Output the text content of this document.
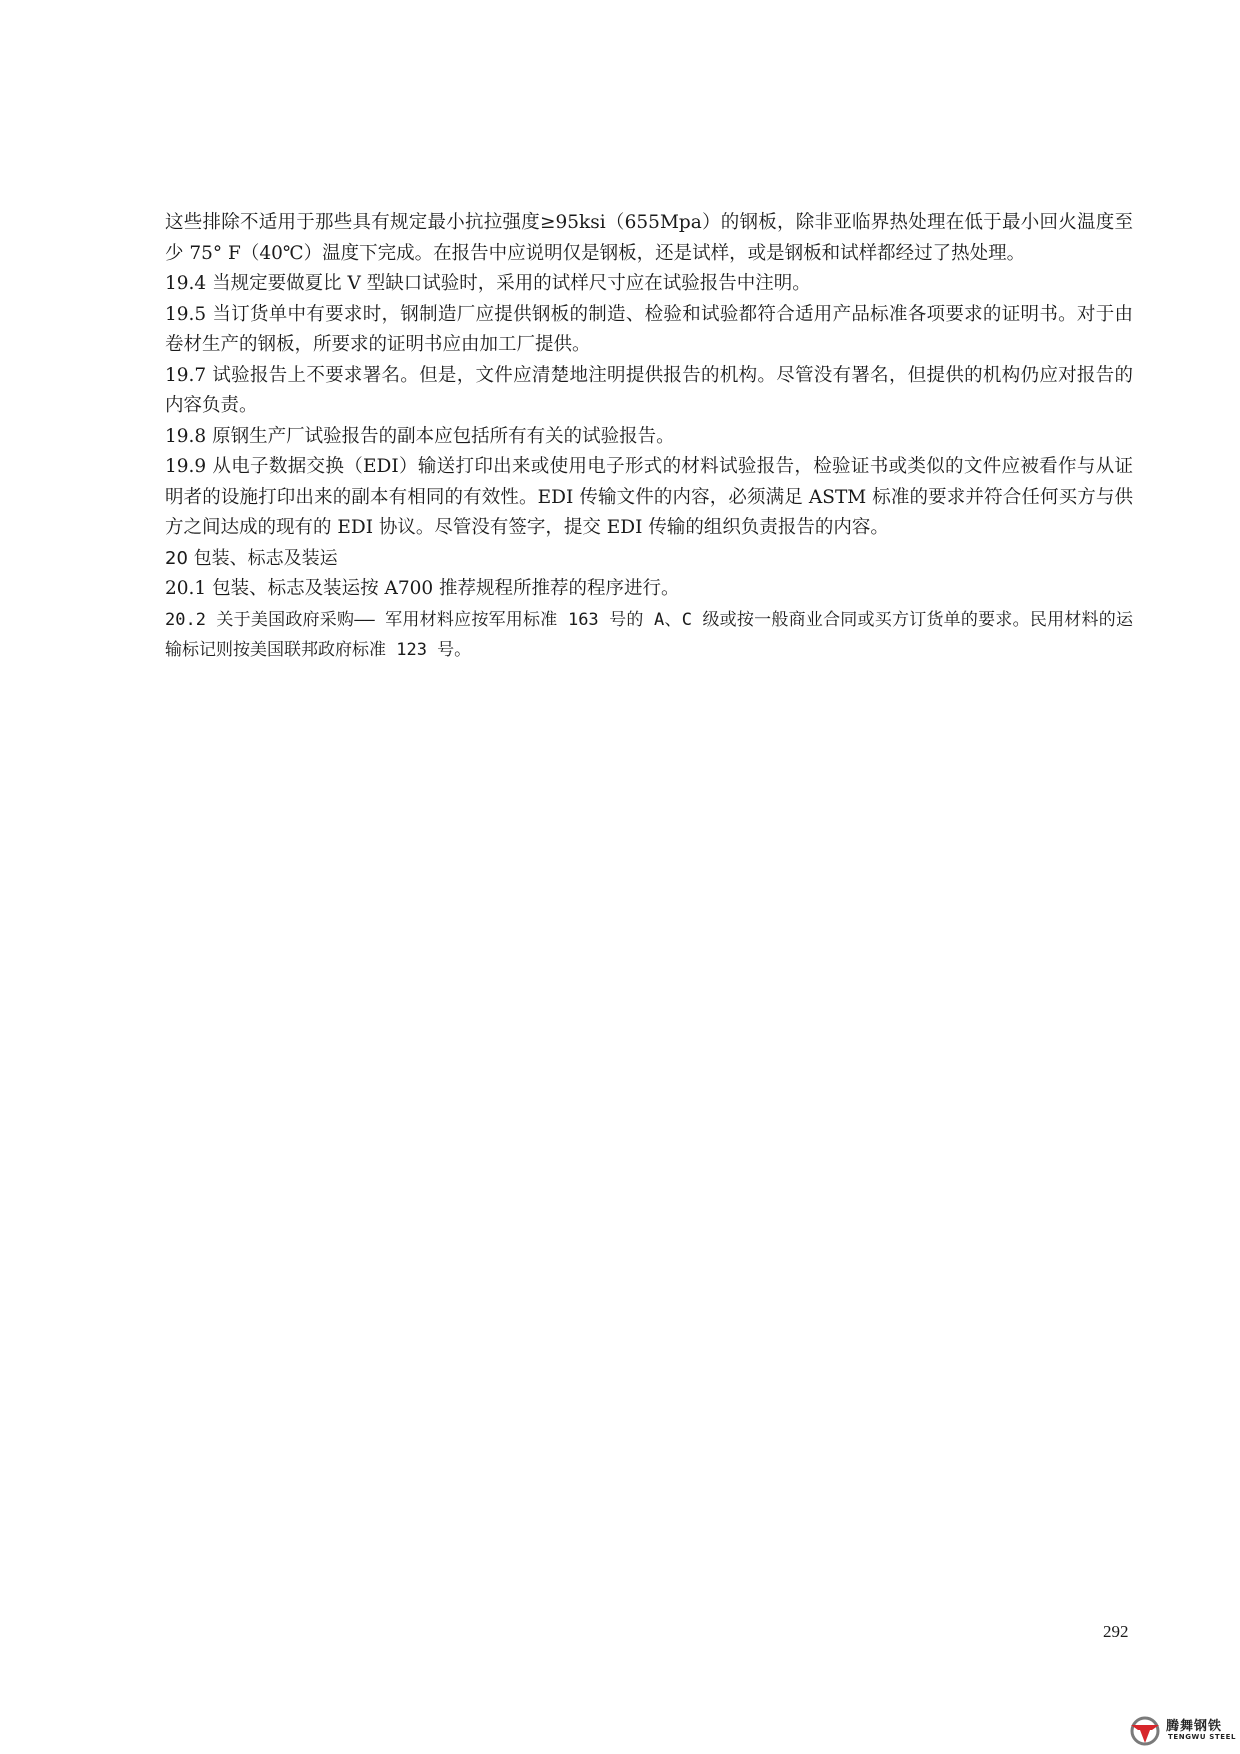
这些排除不适用于那些具有规定最小抗拉强度≥95ksi（655Mpa）的钢板，除非亚临界热处理在低于最小回火温度至少 75° F（40℃）温度下完成。在报告中应说明仅是钢板，还是试样，或是钢板和试样都经过了热处理。

19.4 当规定要做夏比 V 型缺口试验时，采用的试样尺寸应在试验报告中注明。

19.5 当订货单中有要求时，钢制造厂应提供钢板的制造、检验和试验都符合适用产品标准各项要求的证明书。对于由卷材生产的钢板，所要求的证明书应由加工厂提供。

19.7 试验报告上不要求署名。但是，文件应清楚地注明提供报告的机构。尽管没有署名，但提供的机构仍应对报告的内容负责。

19.8 原钢生产厂试验报告的副本应包括所有有关的试验报告。

19.9 从电子数据交换（EDI）输送打印出来或使用电子形式的材料试验报告，检验证书或类似的文件应被看作与从证明者的设施打印出来的副本有相同的有效性。EDI 传输文件的内容，必须满足 ASTM 标准的要求并符合任何买方与供方之间达成的现有的 EDI 协议。尽管没有签字，提交 EDI 传输的组织负责报告的内容。

20 包装、标志及装运

20.1 包装、标志及装运按 A700 推荐规程所推荐的程序进行。

20.2 关于美国政府采购—— 军用材料应按军用标准 163 号的 A、C 级或按一般商业合同或买方订货单的要求。民用材料的运输标记则按美国联邦政府标准 123 号。

292
腾舞钢铁
TENGWU STEEL
